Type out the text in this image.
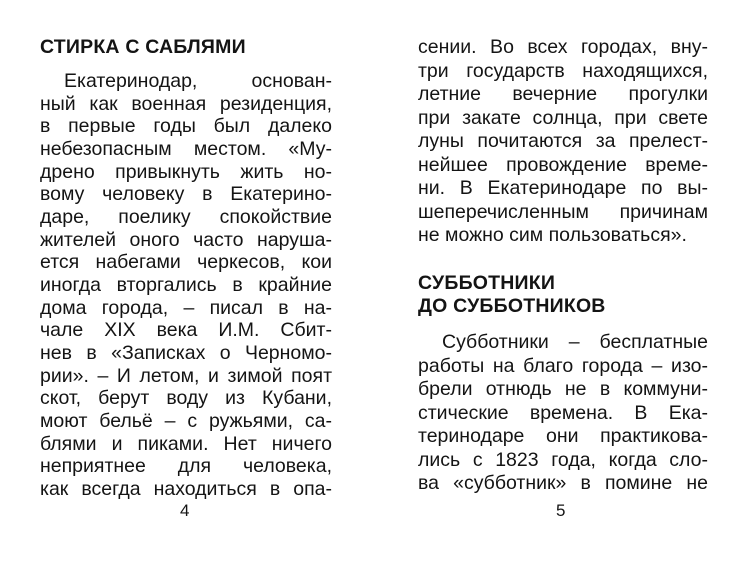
СТИРКА С САБЛЯМИ
Екатеринодар, основан-
ный как военная резиденция,
в первые годы был далеко
небезопасным местом. «Му-
дрено привыкнуть жить но-
вому человеку в Екатерино-
даре, поелику спокойствие
жителей оного часто наруша-
ется набегами черкесов, кои
иногда вторгались в крайние
дома города, – писал в на-
чале XIX века И.М. Сбит-
нев в «Записках о Черномо-
рии». – И летом, и зимой поят
скот, берут воду из Кубани,
моют бельё – с ружьями, са-
блями и пиками. Нет ничего
неприятнее для человека,
как всегда находиться в опа-
4
сении. Во всех городах, вну-
три государств находящихся,
летние вечерние прогулки
при закате солнца, при свете
луны почитаются за прелест-
нейшее провождение време-
ни. В Екатеринодаре по вы-
шеперечисленным причинам
не можно сим пользоваться».
СУББОТНИКИ
ДО СУББОТНИКОВ
Субботники – бесплатные
работы на благо города – изо-
брели отнюдь не в коммуни-
стические времена. В Ека-
теринодаре они практикова-
лись с 1823 года, когда сло-
ва «субботник» в помине не
5
